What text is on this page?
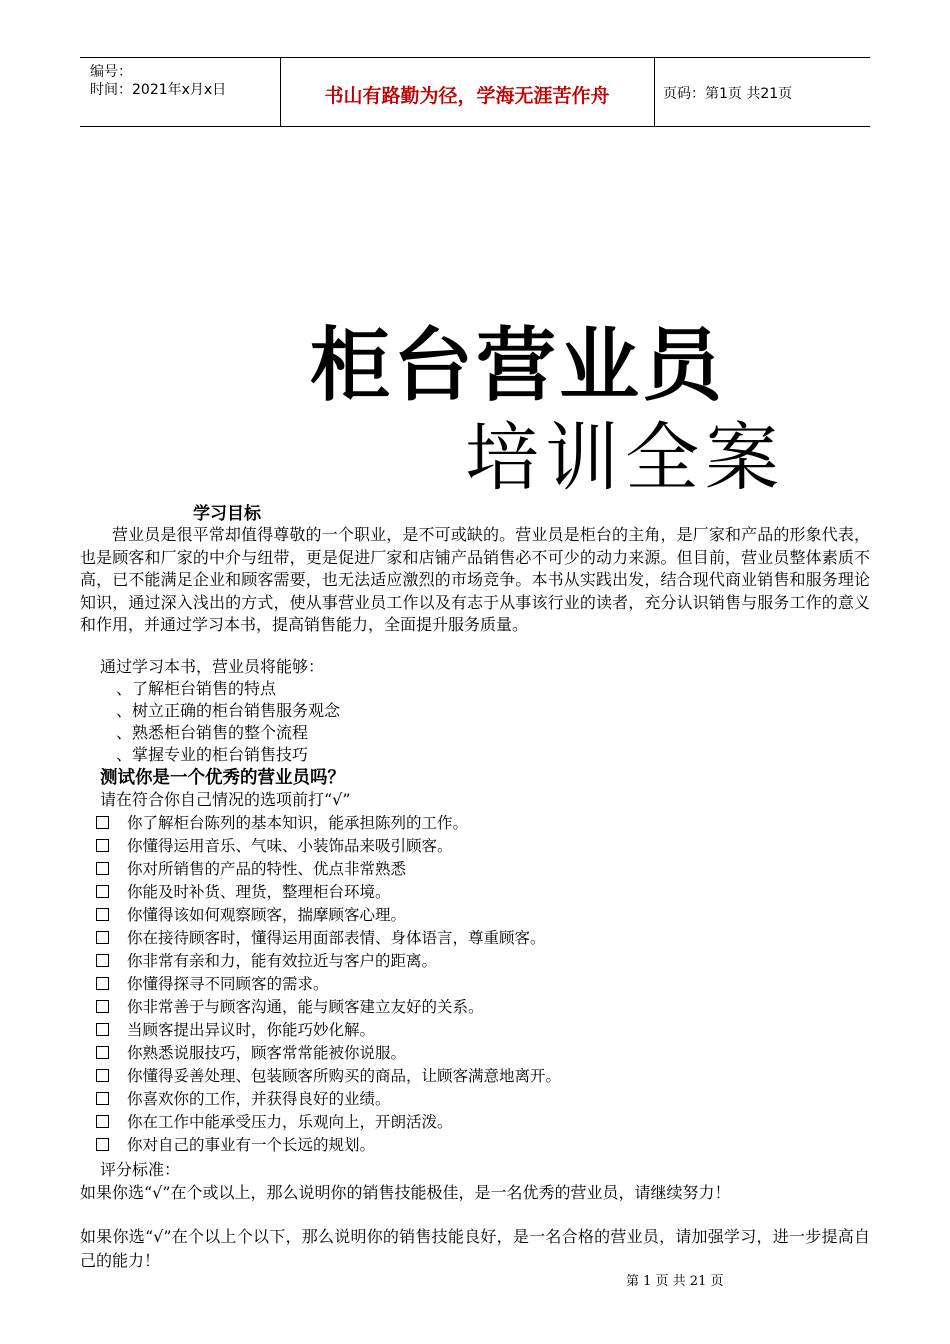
编号：
时间：2021年x月x日	书山有路勤为径，学海无涯苦作舟	页码：第1页 共21页
柜台营业员
培训全案
学习目标

营业员是很平常却值得尊敬的一个职业，是不可或缺的。营业员是柜台的主角，是厂家和产品的形象代表，也是顾客和厂家的中介与纽带，更是促进厂家和店铺产品销售必不可少的动力来源。但目前，营业员整体素质不高，已不能满足企业和顾客需要，也无法适应激烈的市场竞争。本书从实践出发，结合现代商业销售和服务理论知识，通过深入浅出的方式，使从事营业员工作以及有志于从事该行业的读者，充分认识销售与服务工作的意义和作用，并通过学习本书，提高销售能力，全面提升服务质量。

通过学习本书，营业员将能够：
、了解柜台销售的特点
、树立正确的柜台销售服务观念
、熟悉柜台销售的整个流程
、掌握专业的柜台销售技巧
测试你是一个优秀的营业员吗？
请在符合你自己情况的选项前打“√”
你了解柜台陈列的基本知识，能承担陈列的工作。
你懂得运用音乐、气味、小装饰品来吸引顾客。
你对所销售的产品的特性、优点非常熟悉
你能及时补货、理货，整理柜台环境。
你懂得该如何观察顾客，揣摩顾客心理。
你在接待顾客时，懂得运用面部表情、身体语言，尊重顾客。
你非常有亲和力，能有效拉近与客户的距离。
你懂得探寻不同顾客的需求。
你非常善于与顾客沟通，能与顾客建立友好的关系。
当顾客提出异议时，你能巧妙化解。
你熟悉说服技巧，顾客常常能被你说服。
你懂得妥善处理、包装顾客所购买的商品，让顾客满意地离开。
你喜欢你的工作，并获得良好的业绩。
你在工作中能承受压力，乐观向上，开朗活泼。
你对自己的事业有一个长远的规划。
评分标准：

如果你选“√”在个或以上，那么说明你的销售技能极佳，是一名优秀的营业员，请继续努力！

如果你选“√”在个以上个以下，那么说明你的销售技能良好，是一名合格的营业员，请加强学习，进一步提高自己的能力！

第 1 页 共 21 页
